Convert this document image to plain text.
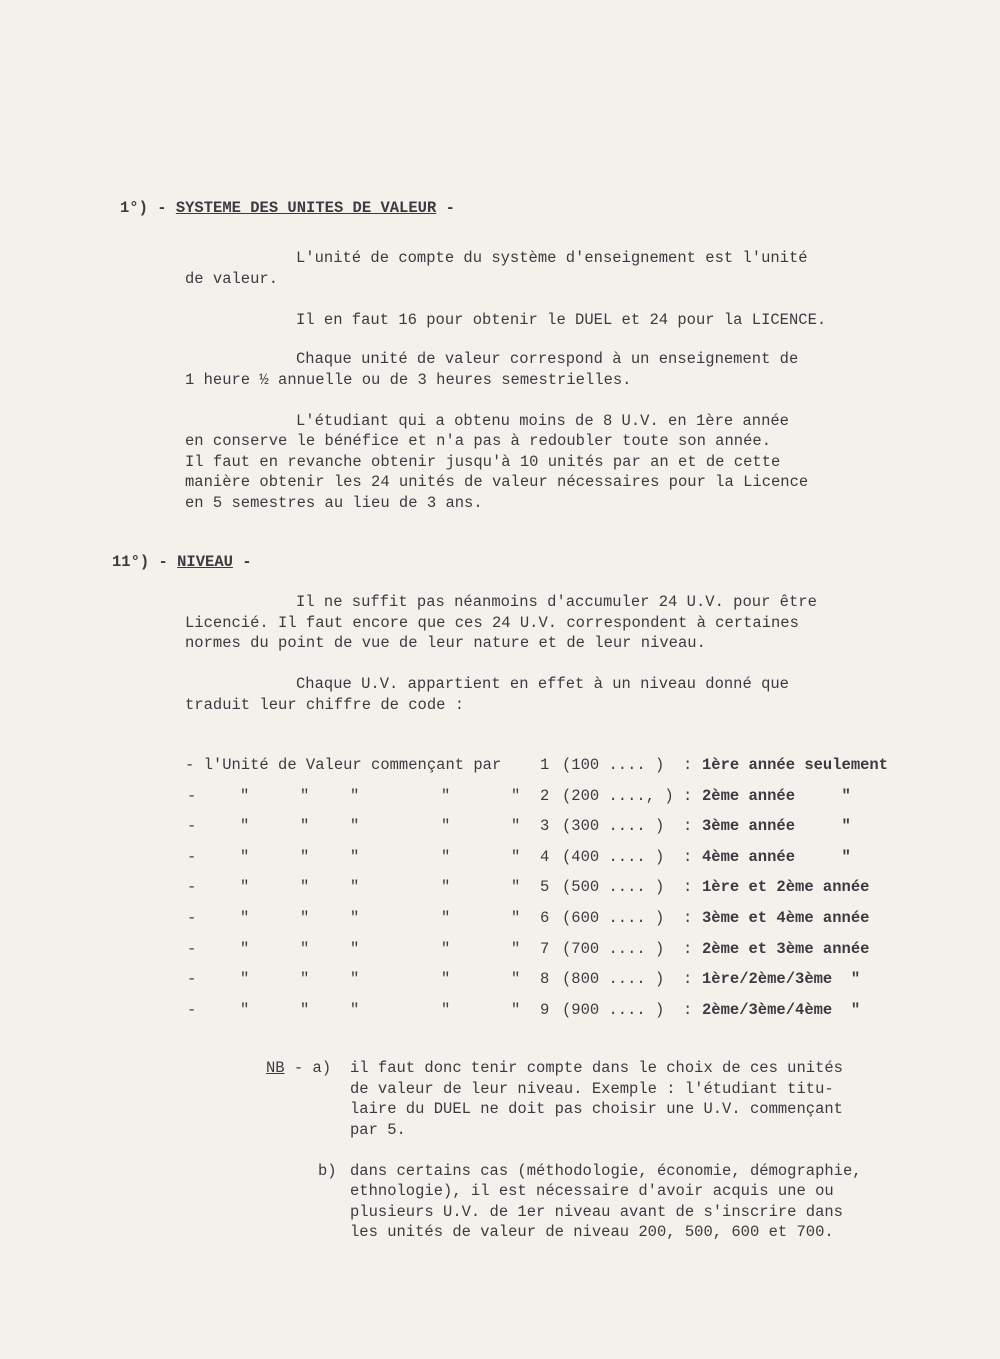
1°) - SYSTEME DES UNITES DE VALEUR -
L'unité de compte du système d'enseignement est l'unité
de valeur.
Il en faut 16 pour obtenir le DUEL et 24 pour la LICENCE.
Chaque unité de valeur correspond à un enseignement de
1 heure ½ annuelle ou de 3 heures semestrielles.
L'étudiant qui a obtenu moins de 8 U.V. en 1ère année
en conserve le bénéfice et n'a pas à redoubler toute son année.
Il faut en revanche obtenir jusqu'à 10 unités par an et de cette
manière obtenir les 24 unités de valeur nécessaires pour la Licence
en 5 semestres au lieu de 3 ans.
11°) - NIVEAU -
Il ne suffit pas néanmoins d'accumuler 24 U.V. pour être
Licencié. Il faut encore que ces 24 U.V. correspondent à certaines
normes du point de vue de leur nature et de leur niveau.
Chaque U.V. appartient en effet à un niveau donné que
traduit leur chiffre de code :
- l'Unité de Valeur commençant par 1 (100 .... ) : 1ère année seulement
-	"	"	"	"	" 2 (200 ...., ) : 2ème année     "
-	"	"	"	"	" 3 (300 .... ) : 3ème année     "
-	"	"	"	"	" 4 (400 .... ) : 4ème année     "
-	"	"	"	"	" 5 (500 .... ) : 1ère et 2ème année
-	"	"	"	"	" 6 (600 .... ) : 3ème et 4ème année
-	"	"	"	"	" 7 (700 .... ) : 2ème et 3ème année
-	"	"	"	"	" 8 (800 .... ) : 1ère/2ème/3ème  "
-	"	"	"	"	" 9 (900 .... ) : 2ème/3ème/4ème  "
NB - a) il faut donc tenir compte dans le choix de ces unités
de valeur de leur niveau. Exemple : l'étudiant titu-
laire du DUEL ne doit pas choisir une U.V. commençant
par 5.
b) dans certains cas (méthodologie, économie, démographie,
ethnologie), il est nécessaire d'avoir acquis une ou
plusieurs U.V. de 1er niveau avant de s'inscrire dans
les unités de valeur de niveau 200, 500, 600 et 700.
